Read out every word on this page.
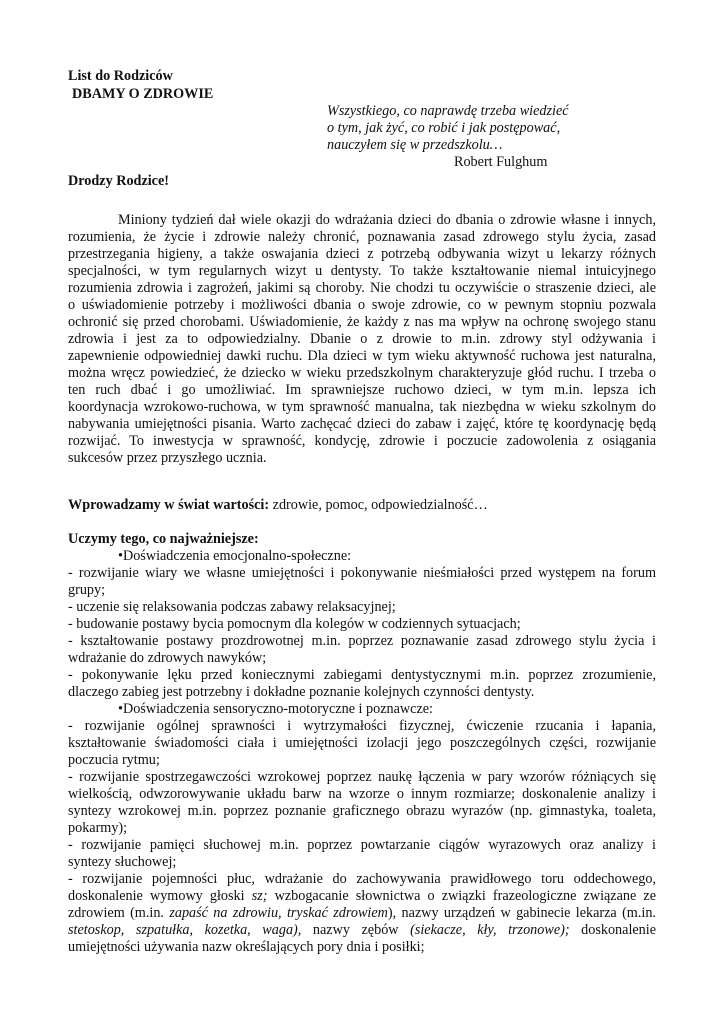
List do Rodziców
DBAMY O ZDROWIE
Wszystkiego, co naprawdę trzeba wiedzieć
o tym, jak żyć, co robić i jak postępować,
nauczyłem się w przedszkolu…
Robert Fulghum
Drodzy Rodzice!
Miniony tydzień dał wiele okazji do wdrażania dzieci do dbania o zdrowie własne i innych,
rozumienia, że życie i zdrowie należy chronić, poznawania zasad zdrowego stylu życia, zasad
przestrzegania higieny, a także oswajania dzieci z potrzebą odbywania wizyt u lekarzy różnych
specjalności, w tym regularnych wizyt u dentysty. To także kształtowanie niemal intuicyjnego
rozumienia zdrowia i zagrożeń, jakimi są choroby. Nie chodzi tu oczywiście o straszenie dzieci, ale
o uświadomienie potrzeby i możliwości dbania o swoje zdrowie, co w pewnym stopniu pozwala
ochronić się przed chorobami. Uświadomienie, że każdy z nas ma wpływ na ochronę swojego stanu
zdrowia i jest za to odpowiedzialny. Dbanie o z drowie to m.in. zdrowy styl odżywania i
zapewnienie odpowiedniej dawki ruchu. Dla dzieci w tym wieku aktywność ruchowa jest naturalna,
można wręcz powiedzieć, że dziecko w wieku przedszkolnym charakteryzuje głód ruchu. I trzeba o
ten ruch dbać i go umożliwiać. Im sprawniejsze ruchowo dzieci, w tym m.in. lepsza ich
koordynacja wzrokowo-ruchowa, w tym sprawność manualna, tak niezbędna w wieku szkolnym do
nabywania umiejętności pisania. Warto zachęcać dzieci do zabaw i zajęć, które tę koordynację będą
rozwijać. To inwestycja w sprawność, kondycję, zdrowie i poczucie zadowolenia z osiągania
sukcesów przez przyszłego ucznia.
Wprowadzamy w świat wartości: zdrowie, pomoc, odpowiedzialność…
Uczymy tego, co najważniejsze:
•Doświadczenia emocjonalno-społeczne:
- rozwijanie wiary we własne umiejętności i pokonywanie nieśmiałości przed występem na forum
grupy;
- uczenie się relaksowania podczas zabawy relaksacyjnej;
- budowanie postawy bycia pomocnym dla kolegów w codziennych sytuacjach;
- kształtowanie postawy prozdrowotnej m.in. poprzez poznawanie zasad zdrowego stylu życia i
wdrażanie do zdrowych nawyków;
- pokonywanie lęku przed koniecznymi zabiegami dentystycznymi m.in. poprzez zrozumienie,
dlaczego zabieg jest potrzebny i dokładne poznanie kolejnych czynności dentysty.
•Doświadczenia sensoryczno-motoryczne i poznawcze:
- rozwijanie ogólnej sprawności i wytrzymałości fizycznej, ćwiczenie rzucania i łapania,
kształtowanie świadomości ciała i umiejętności izolacji jego poszczególnych części, rozwijanie
poczucia rytmu;
- rozwijanie spostrzegawczości wzrokowej poprzez naukę łączenia w pary wzorów różniących się
wielkością, odwzorowywanie układu barw na wzorze o innym rozmiarze; doskonalenie analizy i
syntezy wzrokowej m.in. poprzez poznanie graficznego obrazu wyrazów (np. gimnastyka, toaleta,
pokarmy);
- rozwijanie pamięci słuchowej m.in. poprzez powtarzanie ciągów wyrazowych oraz analizy i
syntezy słuchowej;
- rozwijanie pojemności płuc, wdrażanie do zachowywania prawidłowego toru oddechowego,
doskonalenie wymowy głoski sz; wzbogacanie słownictwa o związki frazeologiczne związane ze
zdrowiem (m.in. zapaść na zdrowiu, tryskać zdrowiem), nazwy urządzeń w gabinecie lekarza (m.in.
stetoskop, szpatułka, kozetka, waga), nazwy zębów (siekacze, kły, trzonowe); doskonalenie
umiejętności używania nazw określających pory dnia i posiłki;
